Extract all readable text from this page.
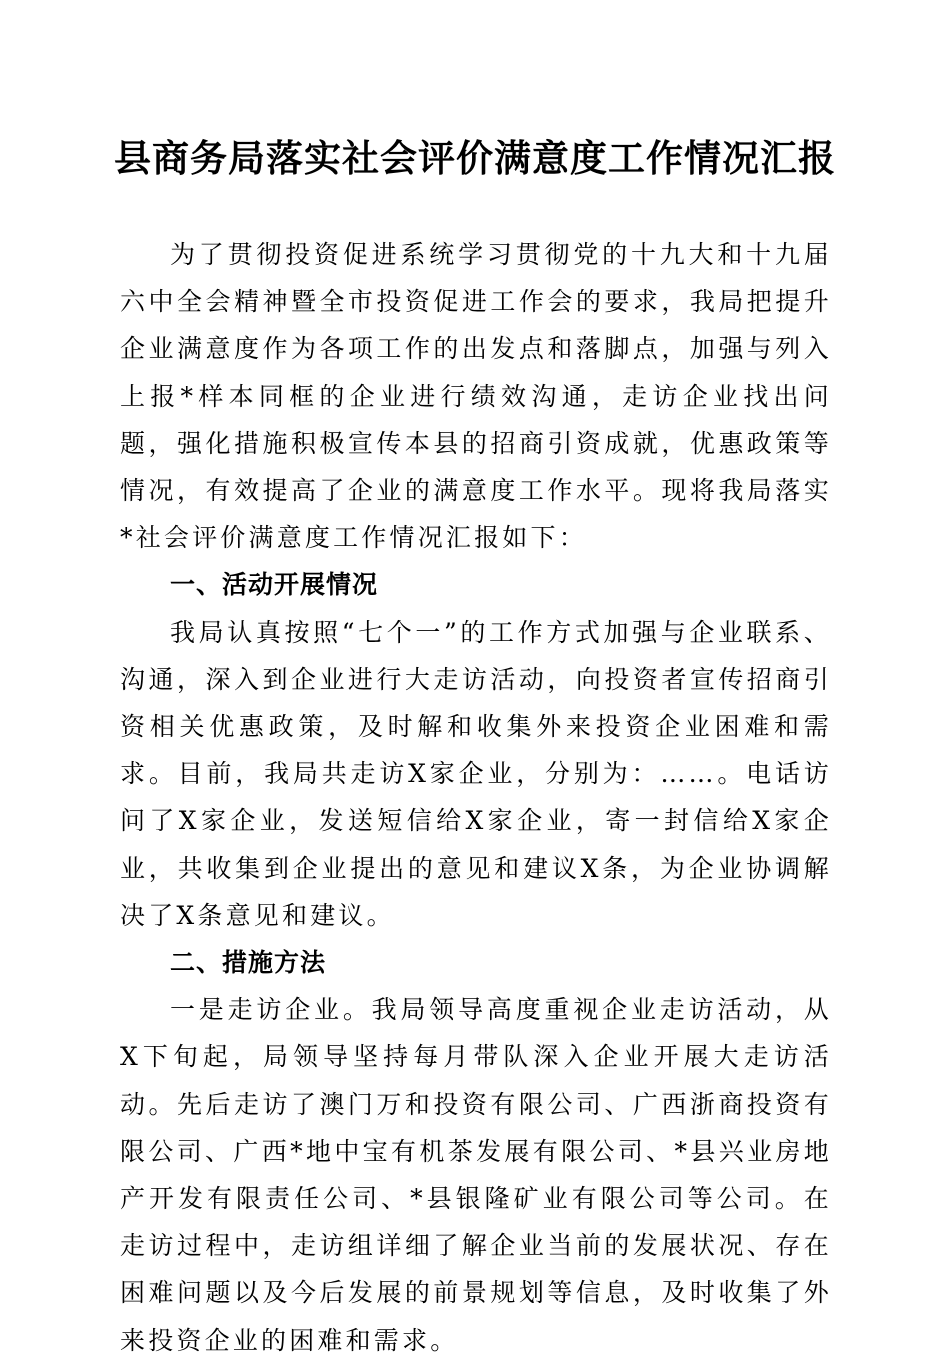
县商务局落实社会评价满意度工作情况汇报

为了贯彻投资促进系统学习贯彻党的十九大和十九届六中全会精神暨全市投资促进工作会的要求，我局把提升企业满意度作为各项工作的出发点和落脚点，加强与列入上报*样本同框的企业进行绩效沟通，走访企业找出问题，强化措施积极宣传本县的招商引资成就，优惠政策等情况，有效提高了企业的满意度工作水平。现将我局落实*社会评价满意度工作情况汇报如下：

一、活动开展情况

我局认真按照“七个一”的工作方式加强与企业联系、沟通，深入到企业进行大走访活动，向投资者宣传招商引资相关优惠政策，及时解和收集外来投资企业困难和需求。目前，我局共走访X家企业，分别为：……。电话访问了X家企业，发送短信给X家企业，寄一封信给X家企业，共收集到企业提出的意见和建议X条，为企业协调解决了X条意见和建议。

二、措施方法

一是走访企业。我局领导高度重视企业走访活动，从X下旬起，局领导坚持每月带队深入企业开展大走访活动。先后走访了澳门万和投资有限公司、广西浙商投资有限公司、广西*地中宝有机茶发展有限公司、*县兴业房地产开发有限责任公司、*县银隆矿业有限公司等公司。在走访过程中，走访组详细了解企业当前的发展状况、存在困难问题以及今后发展的前景规划等信息，及时收集了外来投资企业的困难和需求。
